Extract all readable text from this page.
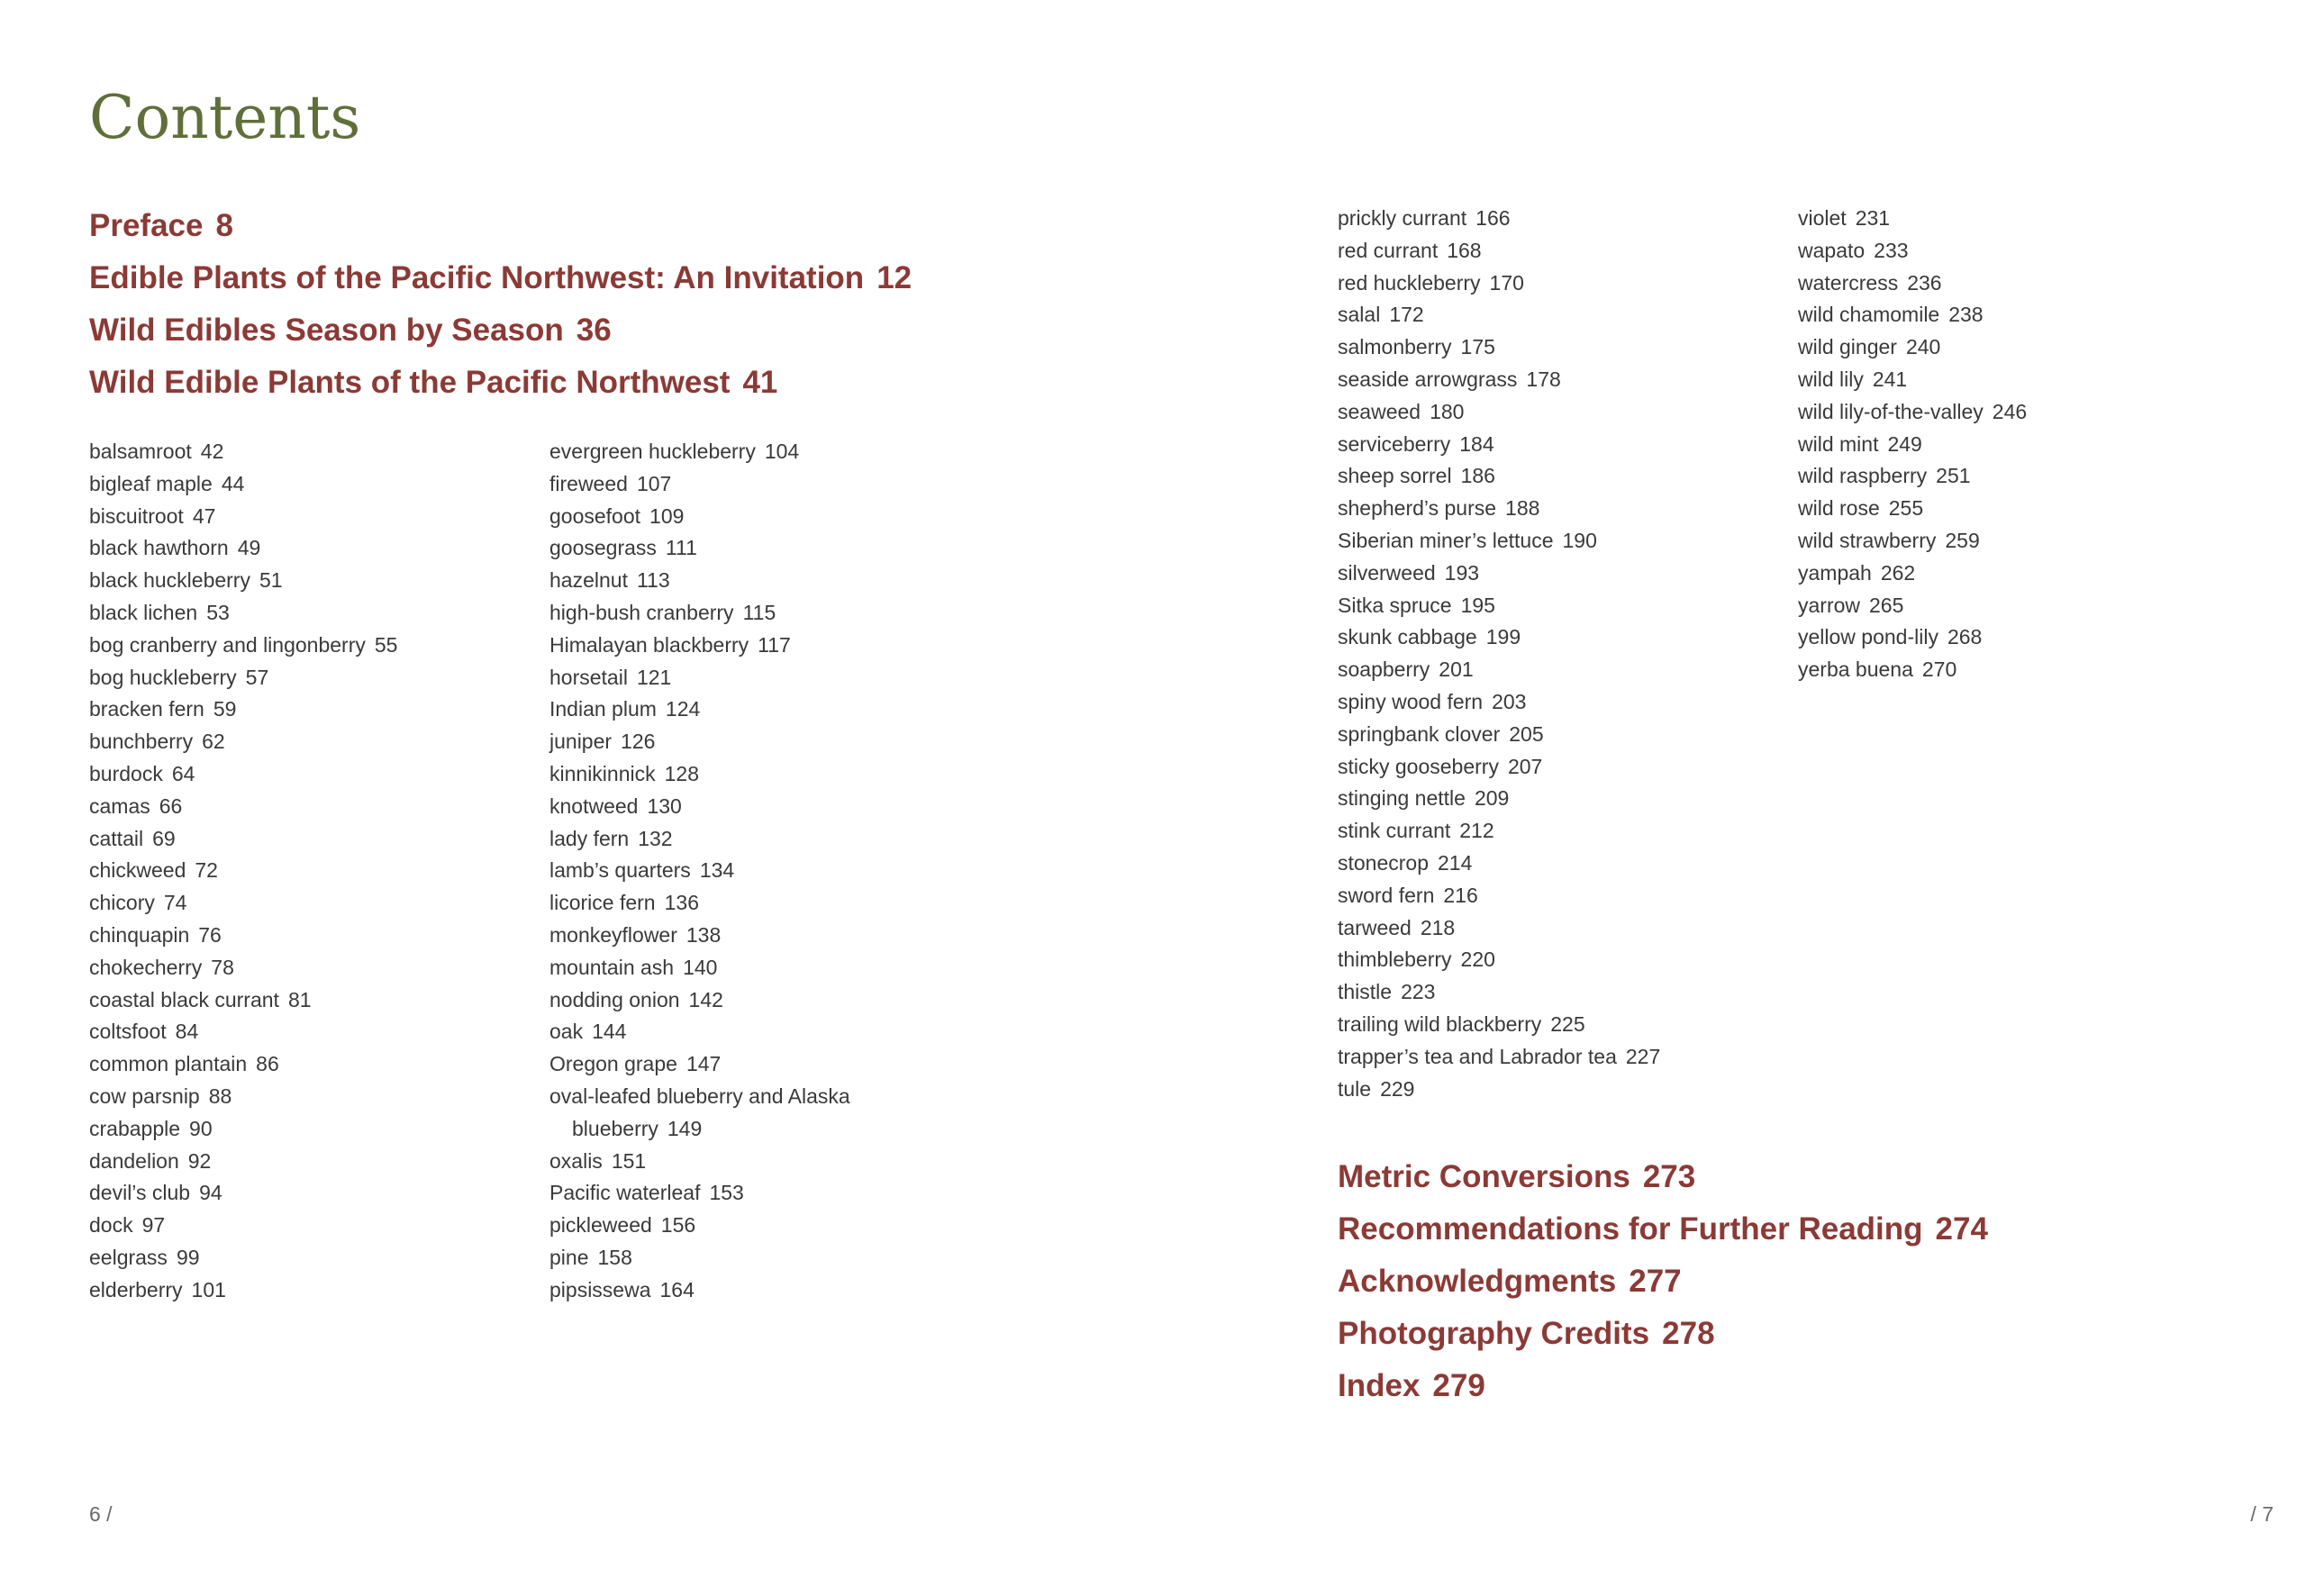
Contents
Preface 8
Edible Plants of the Pacific Northwest: An Invitation 12
Wild Edibles Season by Season 36
Wild Edible Plants of the Pacific Northwest 41
balsamroot 42
bigleaf maple 44
biscuitroot 47
black hawthorn 49
black huckleberry 51
black lichen 53
bog cranberry and lingonberry 55
bog huckleberry 57
bracken fern 59
bunchberry 62
burdock 64
camas 66
cattail 69
chickweed 72
chicory 74
chinquapin 76
chokecherry 78
coastal black currant 81
coltsfoot 84
common plantain 86
cow parsnip 88
crabapple 90
dandelion 92
devil’s club 94
dock 97
eelgrass 99
elderberry 101
evergreen huckleberry 104
fireweed 107
goosefoot 109
goosegrass 111
hazelnut 113
high-bush cranberry 115
Himalayan blackberry 117
horsetail 121
Indian plum 124
juniper 126
kinnikinnick 128
knotweed 130
lady fern 132
lamb’s quarters 134
licorice fern 136
monkeyflower 138
mountain ash 140
nodding onion 142
oak 144
Oregon grape 147
oval-leafed blueberry and Alaska blueberry 149
oxalis 151
Pacific waterleaf 153
pickleweed 156
pine 158
pipsissewa 164
prickly currant 166
red currant 168
red huckleberry 170
salal 172
salmonberry 175
seaside arrowgrass 178
seaweed 180
serviceberry 184
sheep sorrel 186
shepherd’s purse 188
Siberian miner’s lettuce 190
silverweed 193
Sitka spruce 195
skunk cabbage 199
soapberry 201
spiny wood fern 203
springbank clover 205
sticky gooseberry 207
stinging nettle 209
stink currant 212
stonecrop 214
sword fern 216
tarweed 218
thimbleberry 220
thistle 223
trailing wild blackberry 225
trapper’s tea and Labrador tea 227
tule 229
violet 231
wapato 233
watercress 236
wild chamomile 238
wild ginger 240
wild lily 241
wild lily-of-the-valley 246
wild mint 249
wild raspberry 251
wild rose 255
wild strawberry 259
yampah 262
yarrow 265
yellow pond-lily 268
yerba buena 270
Metric Conversions 273
Recommendations for Further Reading 274
Acknowledgments 277
Photography Credits 278
Index 279
6 /	/ 7
